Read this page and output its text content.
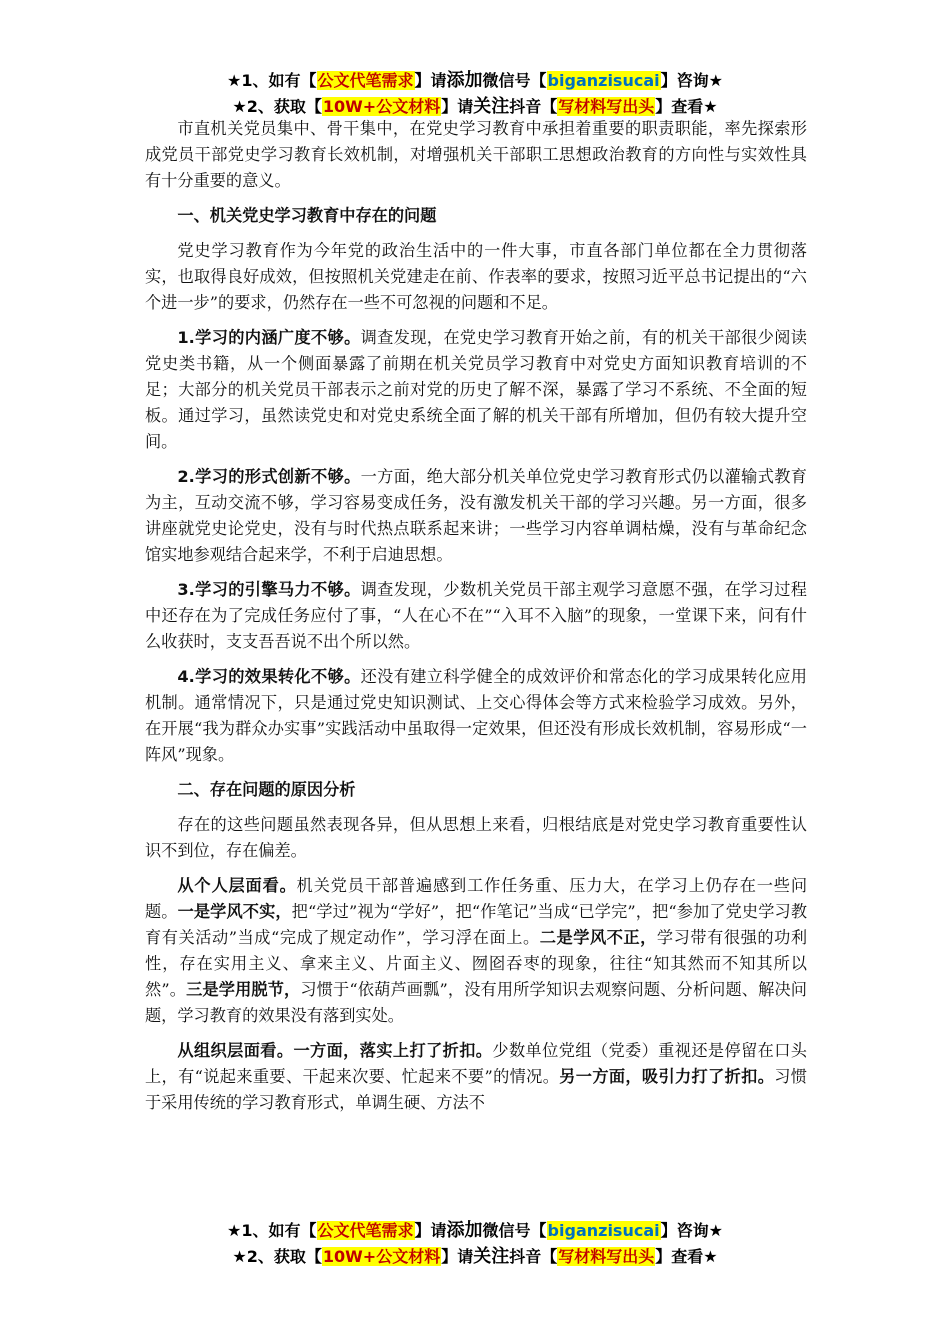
★1、如有【公文代笔需求】请添加微信号【biganzisucai】咨询★
★2、获取【10W+公文材料】请关注抖音【写材料写出头】查看★

市直机关党员集中、骨干集中，在党史学习教育中承担着重要的职责职能，率先探索形成党员干部党史学习教育长效机制，对增强机关干部职工思想政治教育的方向性与实效性具有十分重要的意义。

一、机关党史学习教育中存在的问题

党史学习教育作为今年党的政治生活中的一件大事，市直各部门单位都在全力贯彻落实，也取得良好成效，但按照机关党建走在前、作表率的要求，按照习近平总书记提出的“六个进一步”的要求，仍然存在一些不可忽视的问题和不足。

1.学习的内涵广度不够。调查发现，在党史学习教育开始之前，有的机关干部很少阅读党史类书籍，从一个侧面暴露了前期在机关党员学习教育中对党史方面知识教育培训的不足；大部分的机关党员干部表示之前对党的历史了解不深，暴露了学习不系统、不全面的短板。通过学习，虽然读党史和对党史系统全面了解的机关干部有所增加，但仍有较大提升空间。

2.学习的形式创新不够。一方面，绝大部分机关单位党史学习教育形式仍以灌输式教育为主，互动交流不够，学习容易变成任务，没有激发机关干部的学习兴趣。另一方面，很多讲座就党史论党史，没有与时代热点联系起来讲；一些学习内容单调枯燥，没有与革命纪念馆实地参观结合起来学，不利于启迪思想。

3.学习的引擎马力不够。调查发现，少数机关党员干部主观学习意愿不强，在学习过程中还存在为了完成任务应付了事，“人在心不在”“入耳不入脑”的现象，一堂课下来，问有什么收获时，支支吾吾说不出个所以然。

4.学习的效果转化不够。还没有建立科学健全的成效评价和常态化的学习成果转化应用机制。通常情况下，只是通过党史知识测试、上交心得体会等方式来检验学习成效。另外，在开展“我为群众办实事”实践活动中虽取得一定效果，但还没有形成长效机制，容易形成“一阵风”现象。

二、存在问题的原因分析

存在的这些问题虽然表现各异，但从思想上来看，归根结底是对党史学习教育重要性认识不到位，存在偏差。

从个人层面看。机关党员干部普遍感到工作任务重、压力大，在学习上仍存在一些问题。一是学风不实，把“学过”视为“学好”，把“作笔记”当成“已学完”，把“参加了党史学习教育有关活动”当成“完成了规定动作”，学习浮在面上。二是学风不正，学习带有很强的功利性，存在实用主义、拿来主义、片面主义、囫囵吞枣的现象，往往“知其然而不知其所以然”。三是学用脱节，习惯于“依葫芦画瓢”，没有用所学知识去观察问题、分析问题、解决问题，学习教育的效果没有落到实处。

从组织层面看。一方面，落实上打了折扣。少数单位党组（党委）重视还是停留在口头上，有“说起来重要、干起来次要、忙起来不要”的情况。另一方面，吸引力打了折扣。习惯于采用传统的学习教育形式，单调生硬、方法不

★1、如有【公文代笔需求】请添加微信号【biganzisucai】咨询★
★2、获取【10W+公文材料】请关注抖音【写材料写出头】查看★
